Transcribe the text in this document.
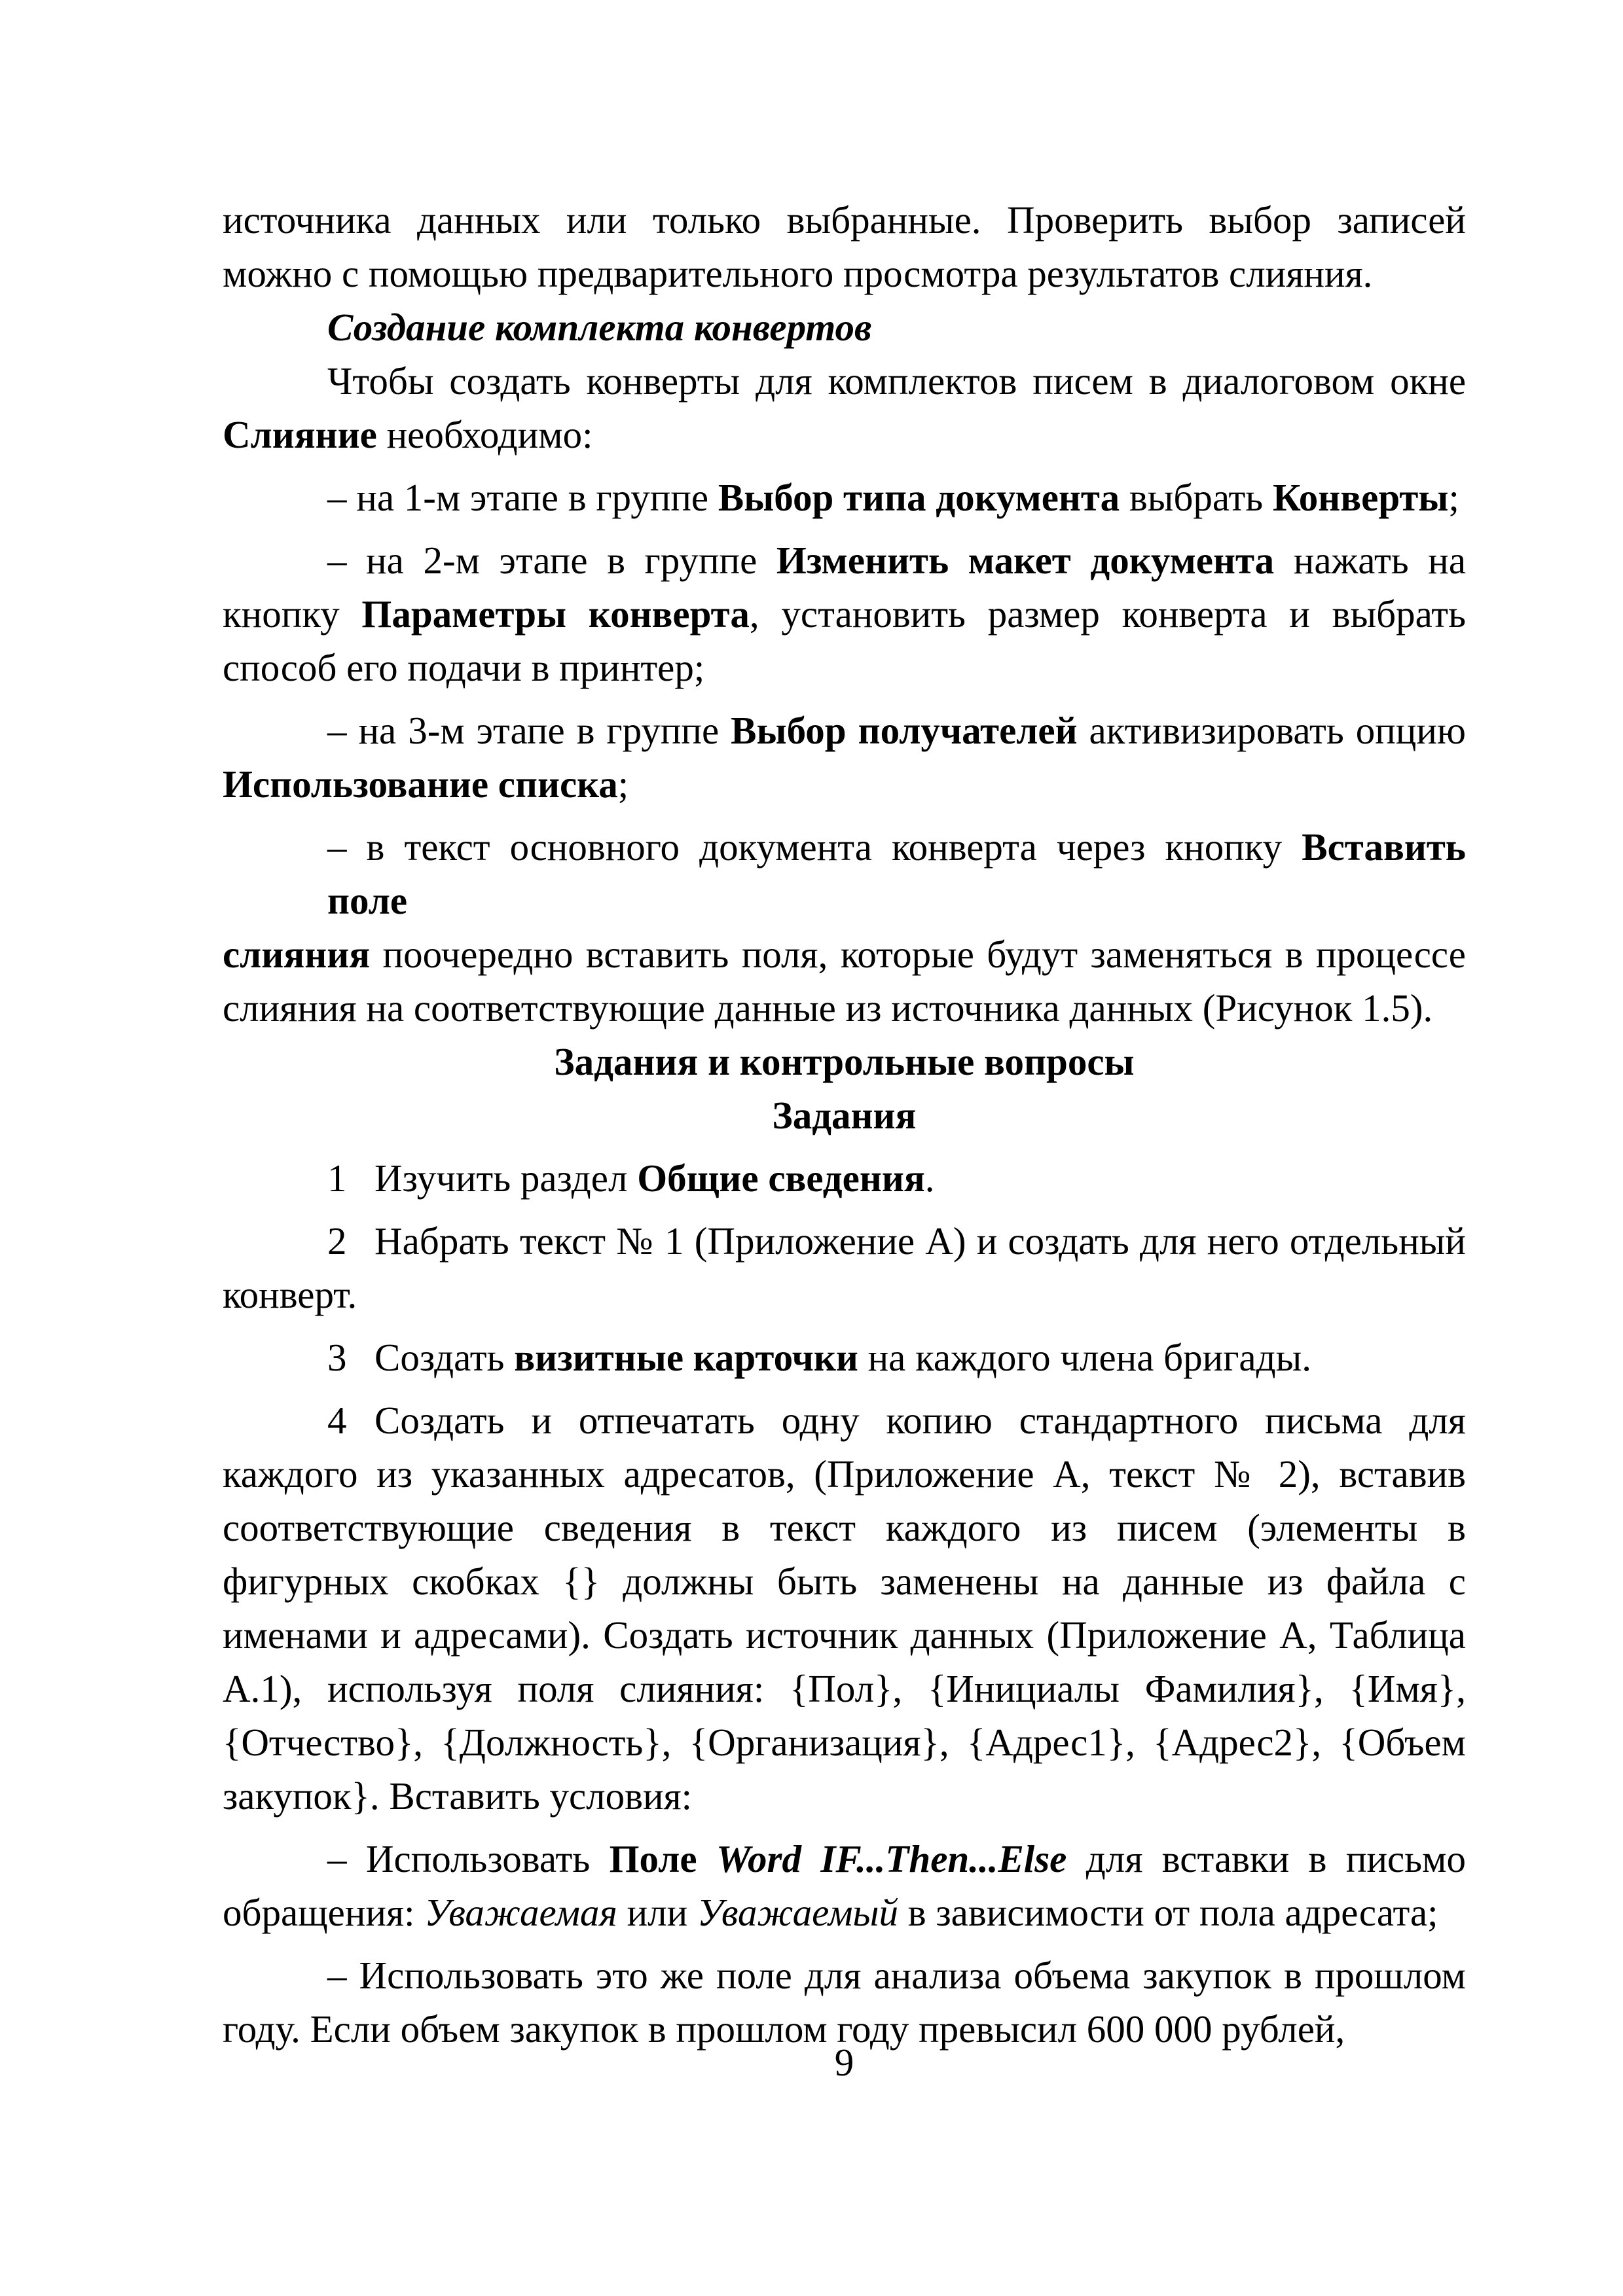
источника данных или только выбранные. Проверить выбор записей
можно с помощью предварительного просмотра результатов слияния.
Создание комплекта конвертов
Чтобы создать конверты для комплектов писем в диалоговом окне
Слияние необходимо:
– на 1-м этапе в группе Выбор типа документа выбрать Конверты;
– на 2-м этапе в группе Изменить макет документа нажать на
кнопку Параметры конверта, установить размер конверта и выбрать
способ его подачи в принтер;
– на 3-м этапе в группе Выбор получателей активизировать опцию
Использование списка;
– в текст основного документа конверта через кнопку Вставить поле
слияния поочередно вставить поля, которые будут заменяться в процессе
слияния на соответствующие данные из источника данных (Рисунок 1.5).
Задания и контрольные вопросы
Задания
1 Изучить раздел Общие сведения.
2 Набрать текст № 1 (Приложение А) и создать для него отдельный
конверт.
3 Создать визитные карточки на каждого члена бригады.
4 Создать и отпечатать одну копию стандартного письма для
каждого из указанных адресатов, (Приложение А, текст № 2), вставив
соответствующие сведения в текст каждого из писем (элементы в
фигурных скобках {} должны быть заменены на данные из файла с
именами и адресами). Создать источник данных (Приложение А, Таблица
А.1), используя поля слияния: {Пол}, {Инициалы Фамилия}, {Имя},
{Отчество}, {Должность}, {Организация}, {Адрес1}, {Адрес2}, {Объем
закупок}. Вставить условия:
– Использовать Поле Word IF...Then...Else для вставки в письмо
обращения: Уважаемая или Уважаемый в зависимости от пола адресата;
– Использовать это же поле для анализа объема закупок в прошлом
году. Если объем закупок в прошлом году превысил 600 000 рублей,
9
